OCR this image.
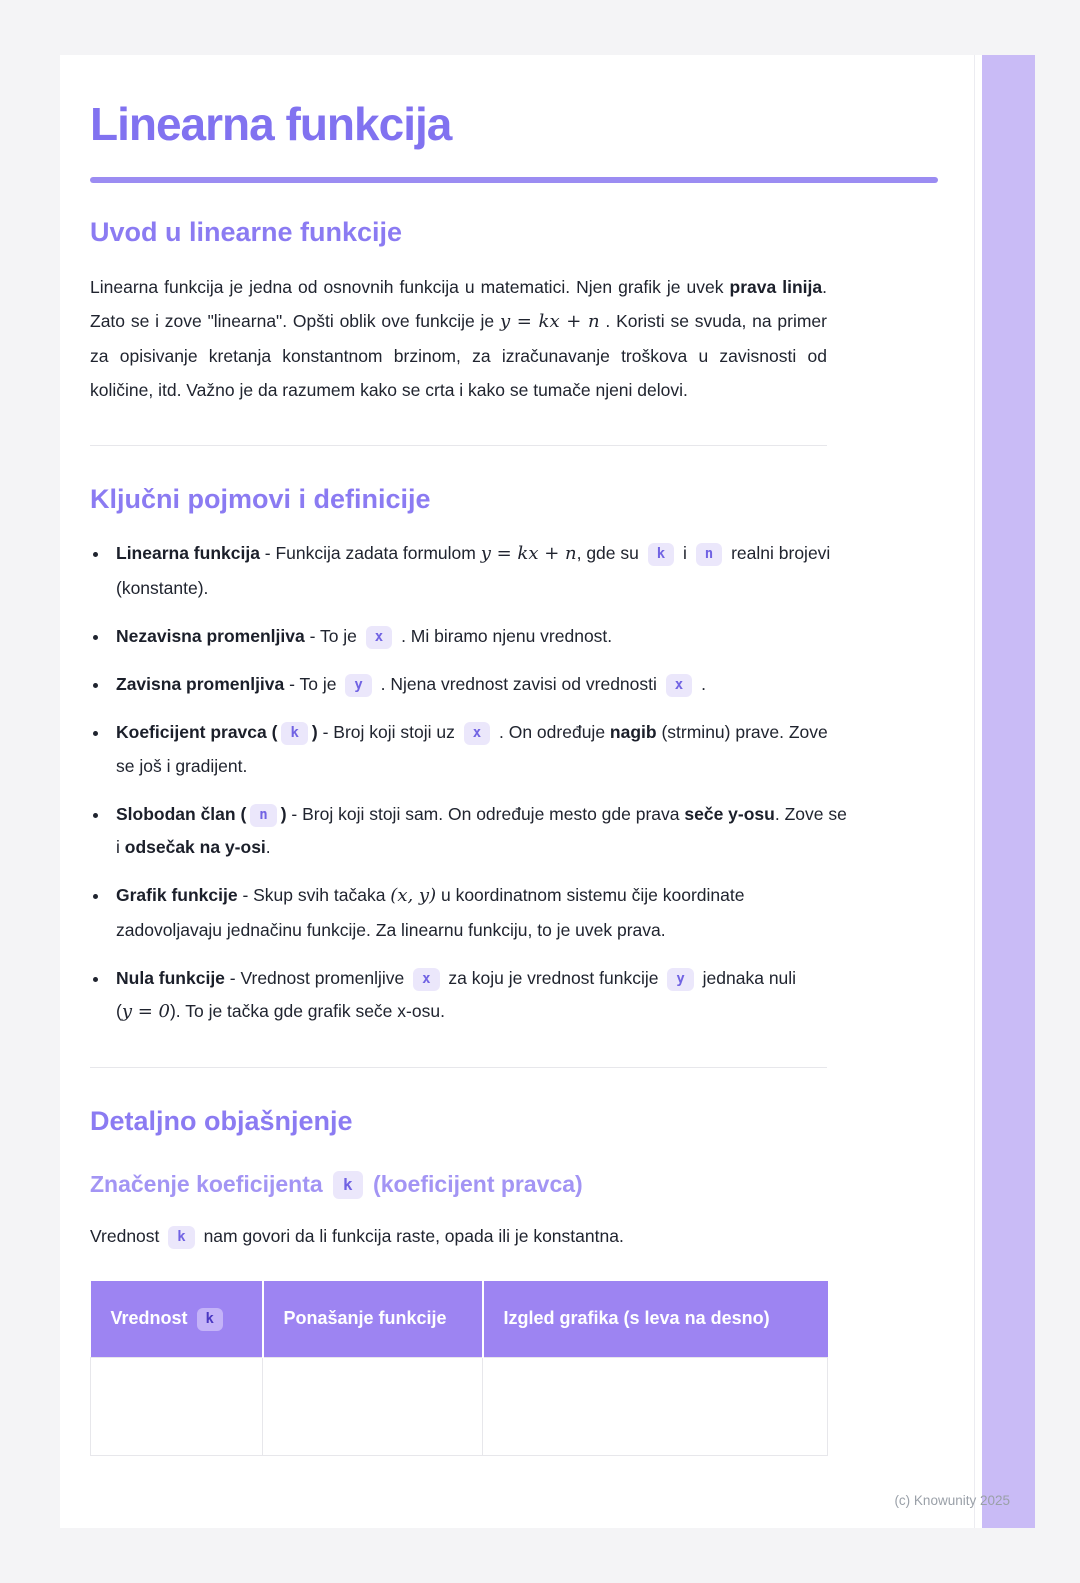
Linearna funkcija
Uvod u linearne funkcije

Linearna funkcija je jedna od osnovnih funkcija u matematici. Njen grafik je uvek prava linija. Zato se i zove "linearna". Opšti oblik ove funkcije je y = kx + n . Koristi se svuda, na primer za opisivanje kretanja konstantnom brzinom, za izračunavanje troškova u zavisnosti od količine, itd. Važno je da razumem kako se crta i kako se tumače njeni delovi.

Ključni pojmovi i definicije
• Linearna funkcija - Funkcija zadata formulom y = kx + n, gde su k i n realni brojevi (konstante).
• Nezavisna promenljiva - To je x . Mi biramo njenu vrednost.
• Zavisna promenljiva - To je y . Njena vrednost zavisi od vrednosti x .
• Koeficijent pravca ( k ) - Broj koji stoji uz x . On određuje nagib (strminu) prave. Zove se još i gradijent.
• Slobodan član ( n ) - Broj koji stoji sam. On određuje mesto gde prava seče y-osu. Zove se i odsečak na y-osi.
• Grafik funkcije - Skup svih tačaka (x, y) u koordinatnom sistemu čije koordinate zadovoljavaju jednačinu funkcije. Za linearnu funkciju, to je uvek prava.
• Nula funkcije - Vrednost promenljive x za koju je vrednost funkcije y jednaka nuli (y = 0). To je tačka gde grafik seče x-osu.
Detaljno objašnjenje
Značenje koeficijenta k (koeficijent pravca)

Vrednost k nam govori da li funkcija raste, opada ili je konstantna.

Vrednost k	Ponašanje funkcije	Izgled grafika (s leva na desno)

(c) Knowunity 2025
